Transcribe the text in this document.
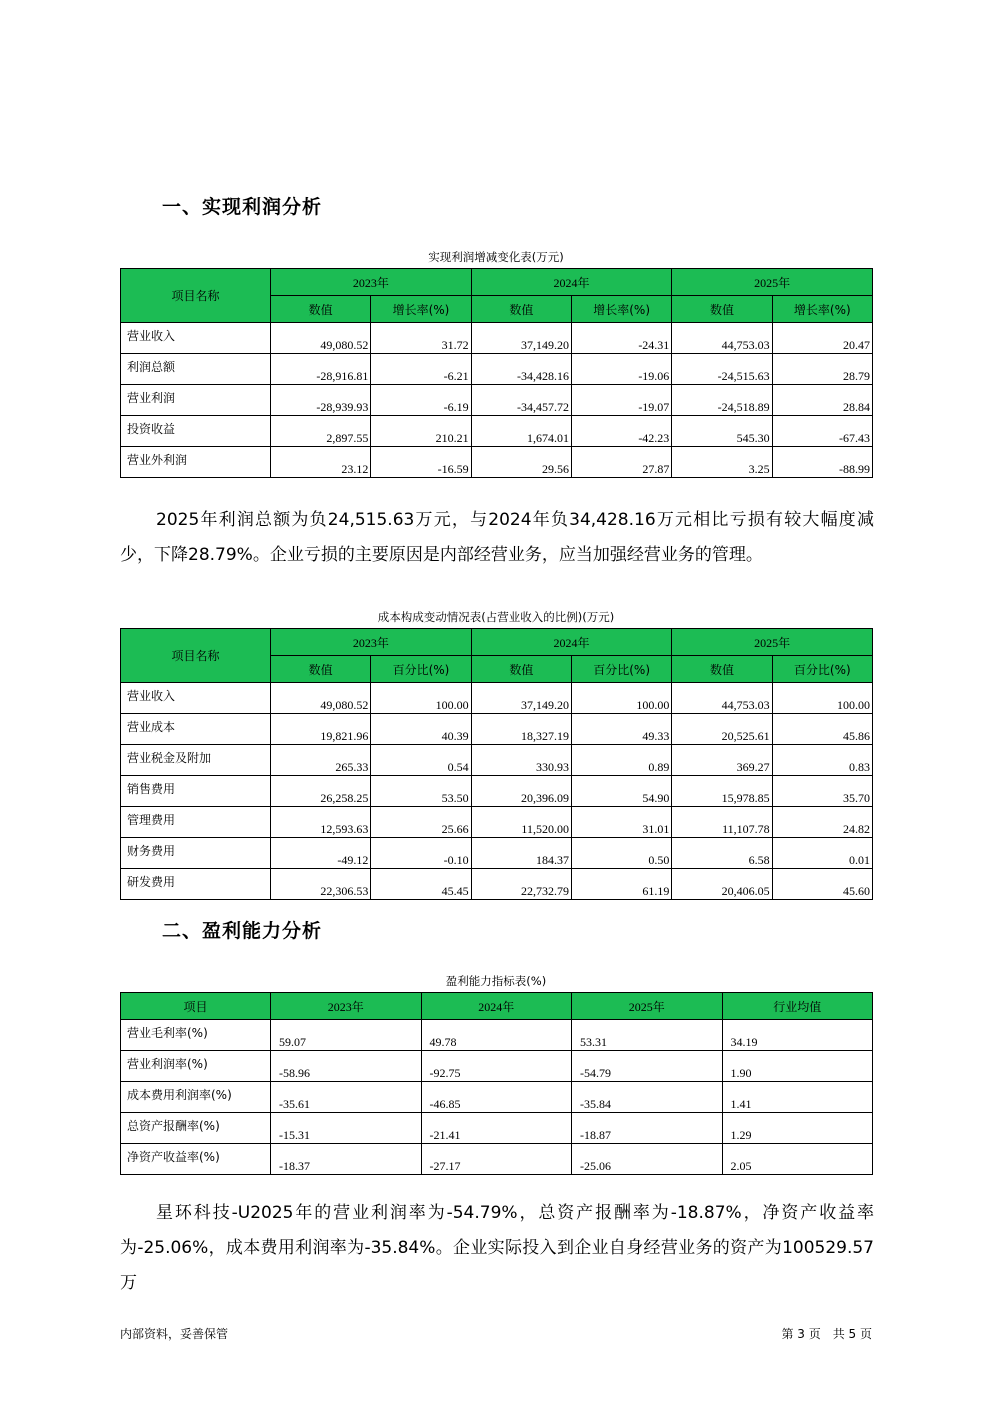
一、实现利润分析
实现利润增减变化表(万元)
项目名称	2023年		2024年		2025年	
	数值	增长率(%)	数值	增长率(%)	数值	增长率(%)
营业收入	49,080.52	31.72	37,149.20	-24.31	44,753.03	20.47
利润总额	-28,916.81	-6.21	-34,428.16	-19.06	-24,515.63	28.79
营业利润	-28,939.93	-6.19	-34,457.72	-19.07	-24,518.89	28.84
投资收益	2,897.55	210.21	1,674.01	-42.23	545.30	-67.43
营业外利润	23.12	-16.59	29.56	27.87	3.25	-88.99
2025年利润总额为负24,515.63万元，与2024年负34,428.16万元相比亏损有较大幅度减少，下降28.79%。企业亏损的主要原因是内部经营业务，应当加强经营业务的管理。
成本构成变动情况表(占营业收入的比例)(万元)
项目名称	2023年		2024年		2025年	
	数值	百分比(%)	数值	百分比(%)	数值	百分比(%)
营业收入	49,080.52	100.00	37,149.20	100.00	44,753.03	100.00
营业成本	19,821.96	40.39	18,327.19	49.33	20,525.61	45.86
营业税金及附加	265.33	0.54	330.93	0.89	369.27	0.83
销售费用	26,258.25	53.50	20,396.09	54.90	15,978.85	35.70
管理费用	12,593.63	25.66	11,520.00	31.01	11,107.78	24.82
财务费用	-49.12	-0.10	184.37	0.50	6.58	0.01
研发费用	22,306.53	45.45	22,732.79	61.19	20,406.05	45.60
二、盈利能力分析
盈利能力指标表(%)
项目	2023年	2024年	2025年	行业均值
营业毛利率(%)	59.07	49.78	53.31	34.19
营业利润率(%)	-58.96	-92.75	-54.79	1.90
成本费用利润率(%)	-35.61	-46.85	-35.84	1.41
总资产报酬率(%)	-15.31	-21.41	-18.87	1.29
净资产收益率(%)	-18.37	-27.17	-25.06	2.05
星环科技-U2025年的营业利润率为-54.79%，总资产报酬率为-18.87%，净资产收益率为-25.06%，成本费用利润率为-35.84%。企业实际投入到企业自身经营业务的资产为100529.57万
内部资料，妥善保管	第 3 页　共 5 页
